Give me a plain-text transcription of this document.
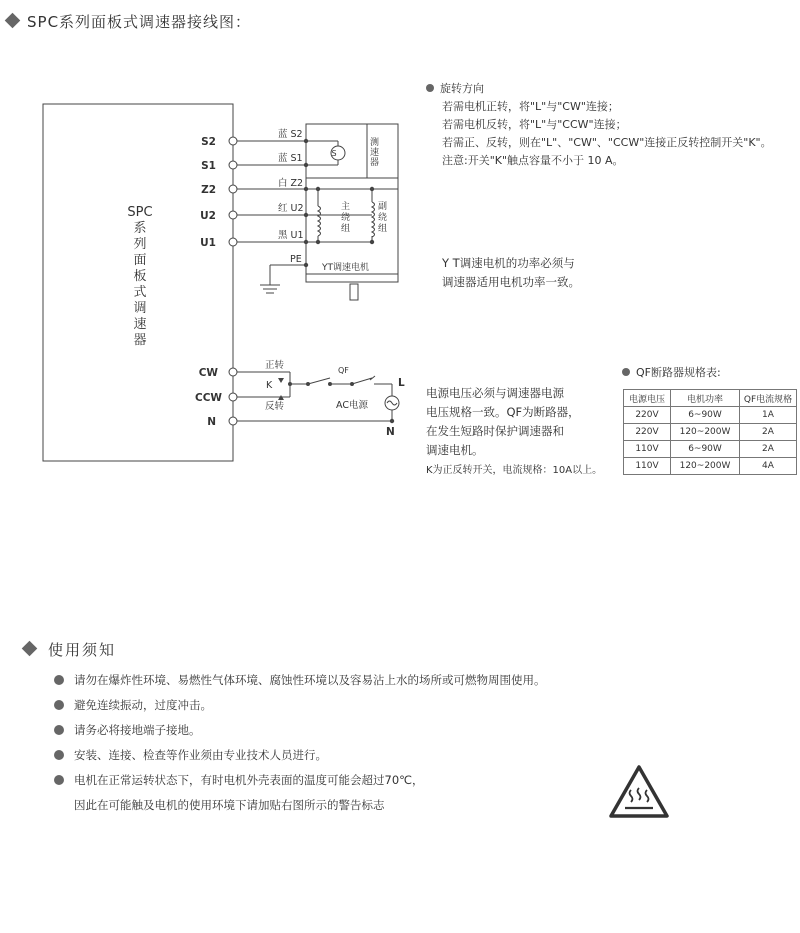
SPC系列面板式调速器接线图：
S2
S1
Z2
U2
U1
CW
CCW
N
蓝 S2
蓝 S1
白 Z2
红 U2
黑 U1
PE
S
YT调速电机
正转
K
反转
QF
AC电源
L
N
SPC
系
列
面
板
式
调
速
器
测
速
器
主
绕
组
副
绕
组
旋转方向
若需电机正转，将"L"与"CW"连接；
若需电机反转，将"L"与"CCW"连接；
若需正、反转，则在"L"、"CW"、"CCW"连接正反转控制开关"K"。
注意:开关"K"触点容量不小于 10 A。
Y T调速电机的功率必须与
调速器适用电机功率一致。
电源电压必须与调速器电源
电压规格一致。QF为断路器，
在发生短路时保护调速器和
调速电机。
K为正反转开关，电流规格：10A以上。
QF断路器规格表:
电源电压	电机功率	QF电流规格
220V	6~90W	1A
220V	120~200W	2A
110V	6~90W	2A
110V	120~200W	4A
使用须知
请勿在爆炸性环境、易燃性气体环境、腐蚀性环境以及容易沾上水的场所或可燃物周围使用。
避免连续振动，过度冲击。
请务必将接地端子接地。
安装、连接、检查等作业须由专业技术人员进行。
电机在正常运转状态下，有时电机外壳表面的温度可能会超过70℃，
因此在可能触及电机的使用环境下请加贴右图所示的警告标志
